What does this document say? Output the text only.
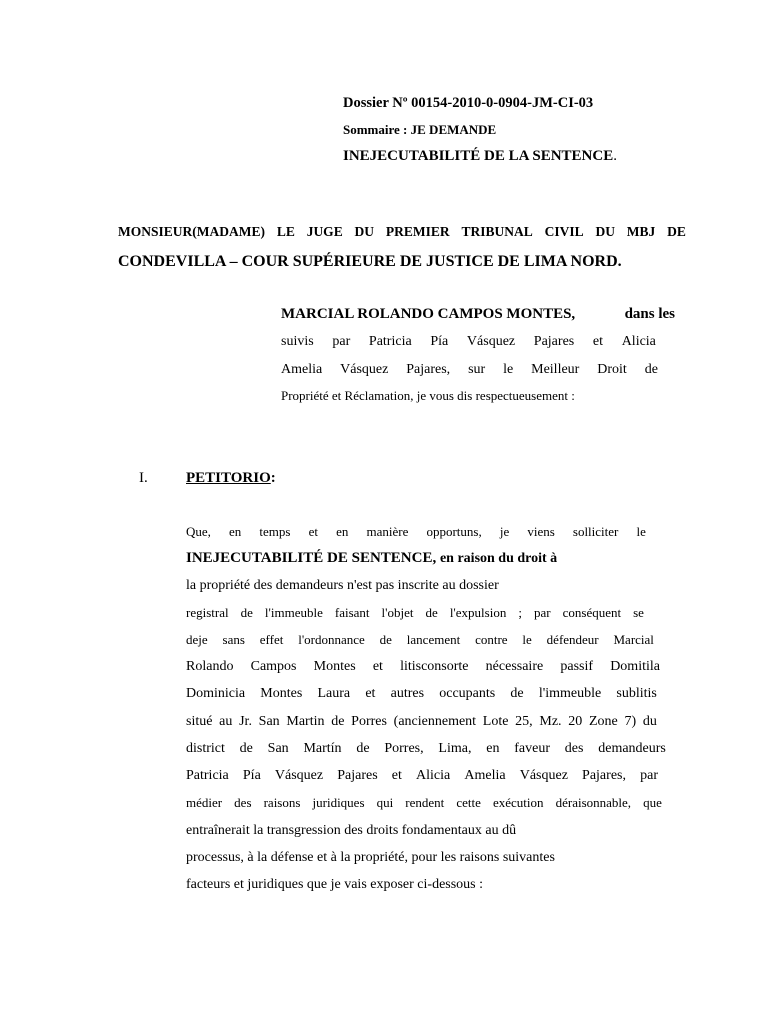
Dossier Nº 00154-2010-0-0904-JM-CI-03
Sommaire : JE DEMANDE
INEJECUTABILITÉ DE LA SENTENCE.
MONSIEUR(MADAME) LE JUGE DU PREMIER TRIBUNAL CIVIL DU MBJ DE
CONDEVILLA – COUR SUPÉRIEURE DE JUSTICE DE LIMA NORD.
MARCIAL ROLANDO CAMPOS MONTES,	dans les
suivis par Patricia Pía Vásquez Pajares et Alicia
Amelia Vásquez Pajares, sur le Meilleur Droit de
Propriété et Réclamation, je vous dis respectueusement :
I.	PETITORIO:
Que, en temps et en manière opportuns, je viens solliciter le
INEJECUTABILITÉ DE SENTENCE, en raison du droit à
la propriété des demandeurs n'est pas inscrite au dossier
registral de l'immeuble faisant l'objet de l'expulsion ; par conséquent se
deje sans effet l'ordonnance de lancement contre le défendeur Marcial
Rolando Campos Montes et litisconsorte nécessaire passif Domitila
Dominicia Montes Laura et autres occupants de l'immeuble sublitis
situé au Jr. San Martin de Porres (anciennement Lote 25, Mz. 20 Zone 7) du
district de San Martín de Porres, Lima, en faveur des demandeurs
Patricia Pía Vásquez Pajares et Alicia Amelia Vásquez Pajares, par
médier des raisons juridiques qui rendent cette exécution déraisonnable, que
entraînerait la transgression des droits fondamentaux au dû
processus, à la défense et à la propriété, pour les raisons suivantes
facteurs et juridiques que je vais exposer ci-dessous :
